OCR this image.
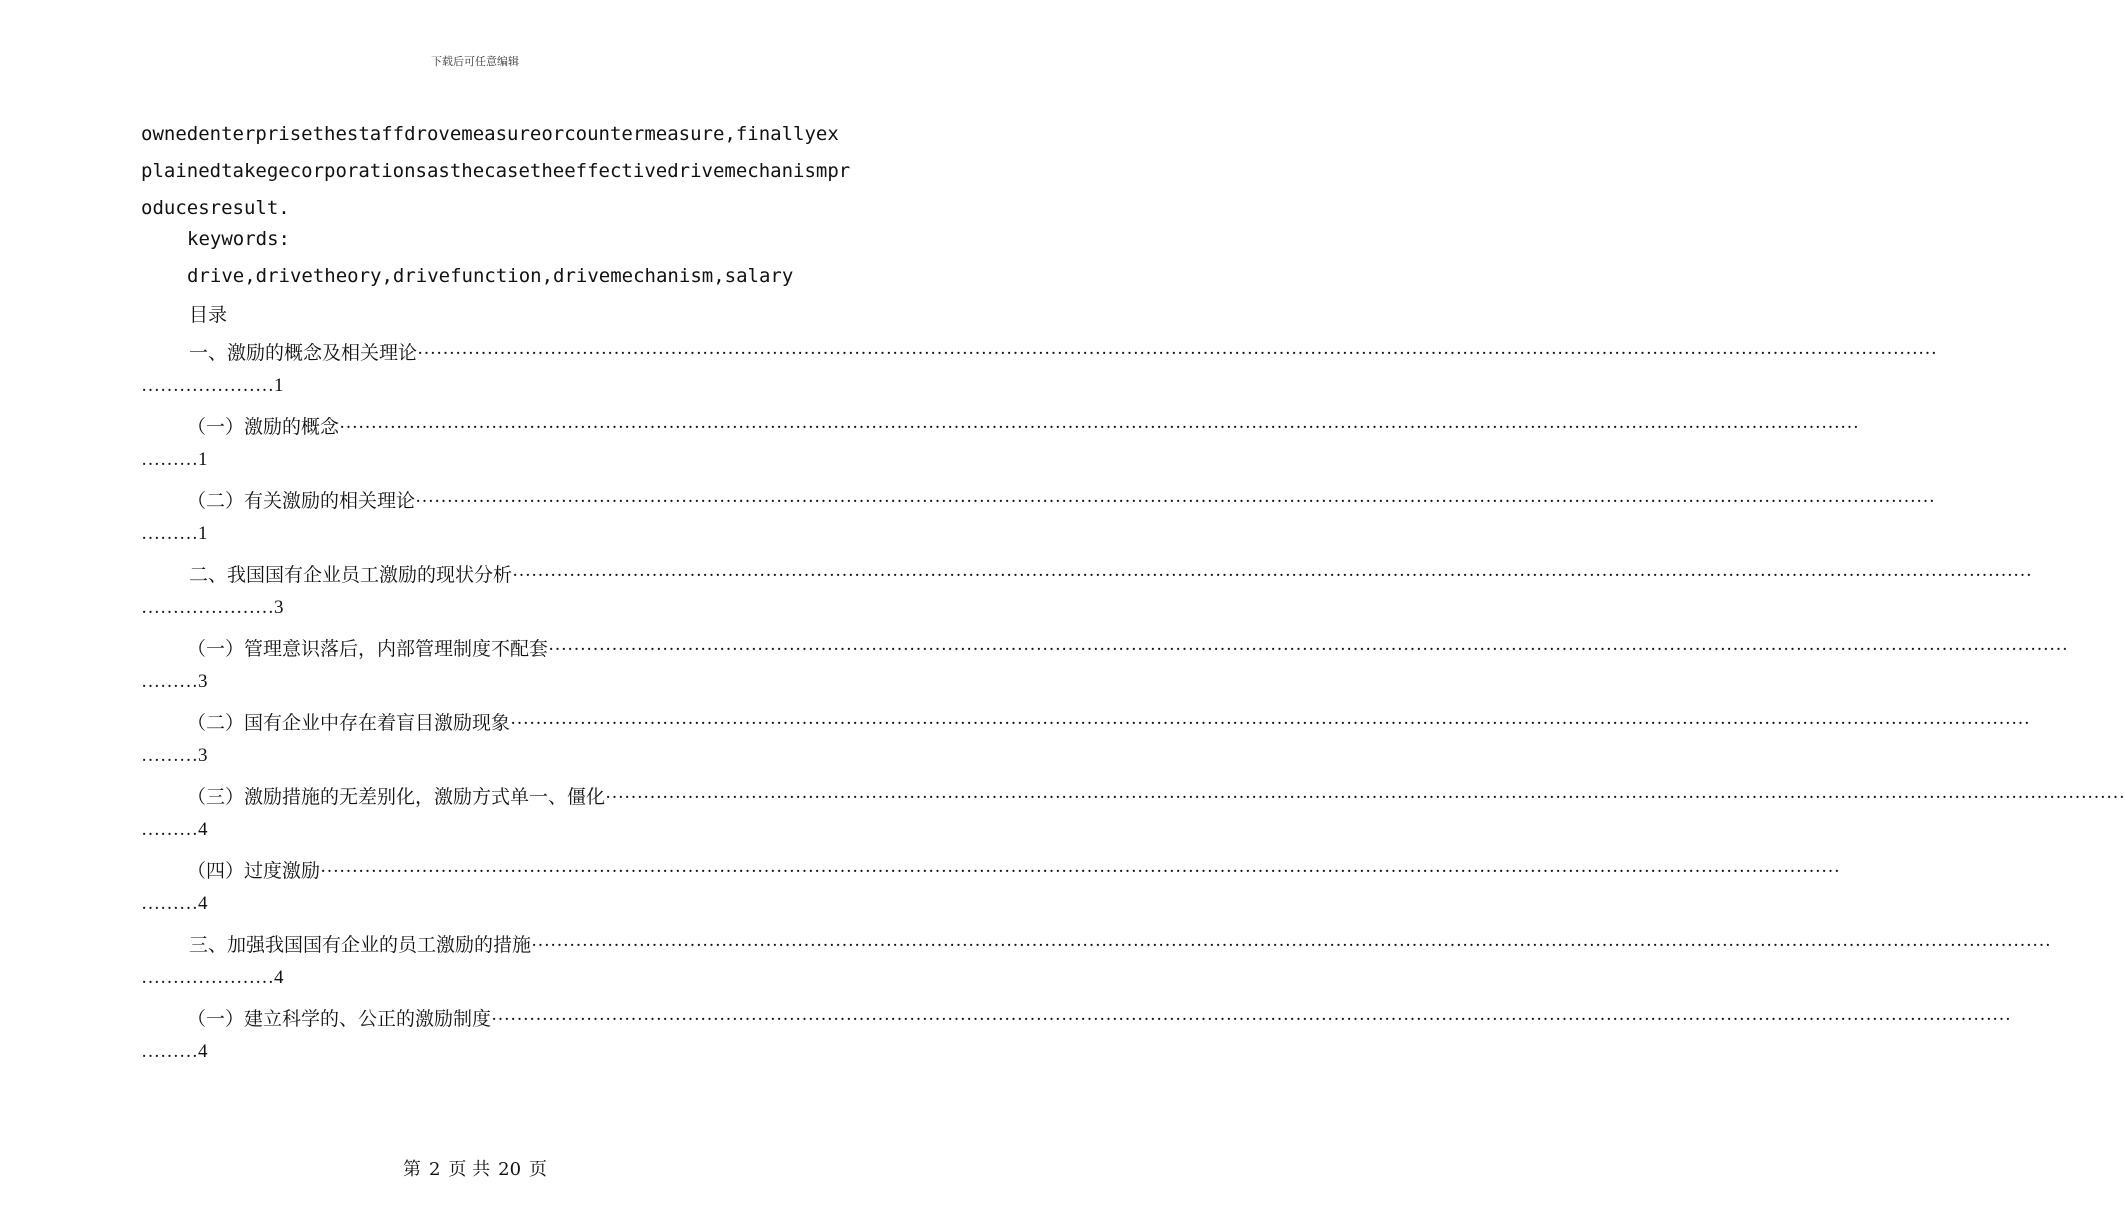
下载后可任意编辑
ownedenterprisethestaffdrovemeasureorcountermeasure,finallyex
plainedtakegecorporationsasthecasetheeffectivedrivemechanismpr
oducesresult.
keywords:
drive,drivetheory,drivefunction,drivemechanism,salary
目录
一、激励的概念及相关理论 ……………………………………………………………………………………………………………………………………………………………………………………………………………………
…………………1
（一）激励的概念 ……………………………………………………………………………………………………………………………………………………………………………………………………………………
………1
（二）有关激励的相关理论 ……………………………………………………………………………………………………………………………………………………………………………………………………………………
………1
二、我国国有企业员工激励的现状分析 ……………………………………………………………………………………………………………………………………………………………………………………………………………………
…………………3
（一）管理意识落后，内部管理制度不配套 ……………………………………………………………………………………………………………………………………………………………………………………………………………………
………3
（二）国有企业中存在着盲目激励现象 ……………………………………………………………………………………………………………………………………………………………………………………………………………………
………3
（三）激励措施的无差别化，激励方式单一、僵化 ……………………………………………………………………………………………………………………………………………………………………………………………………………………
………4
（四）过度激励 ……………………………………………………………………………………………………………………………………………………………………………………………………………………
………4
三、加强我国国有企业的员工激励的措施 ……………………………………………………………………………………………………………………………………………………………………………………………………………………
…………………4
（一）建立科学的、公正的激励制度 ……………………………………………………………………………………………………………………………………………………………………………………………………………………
………4
第 2 页 共 20 页
